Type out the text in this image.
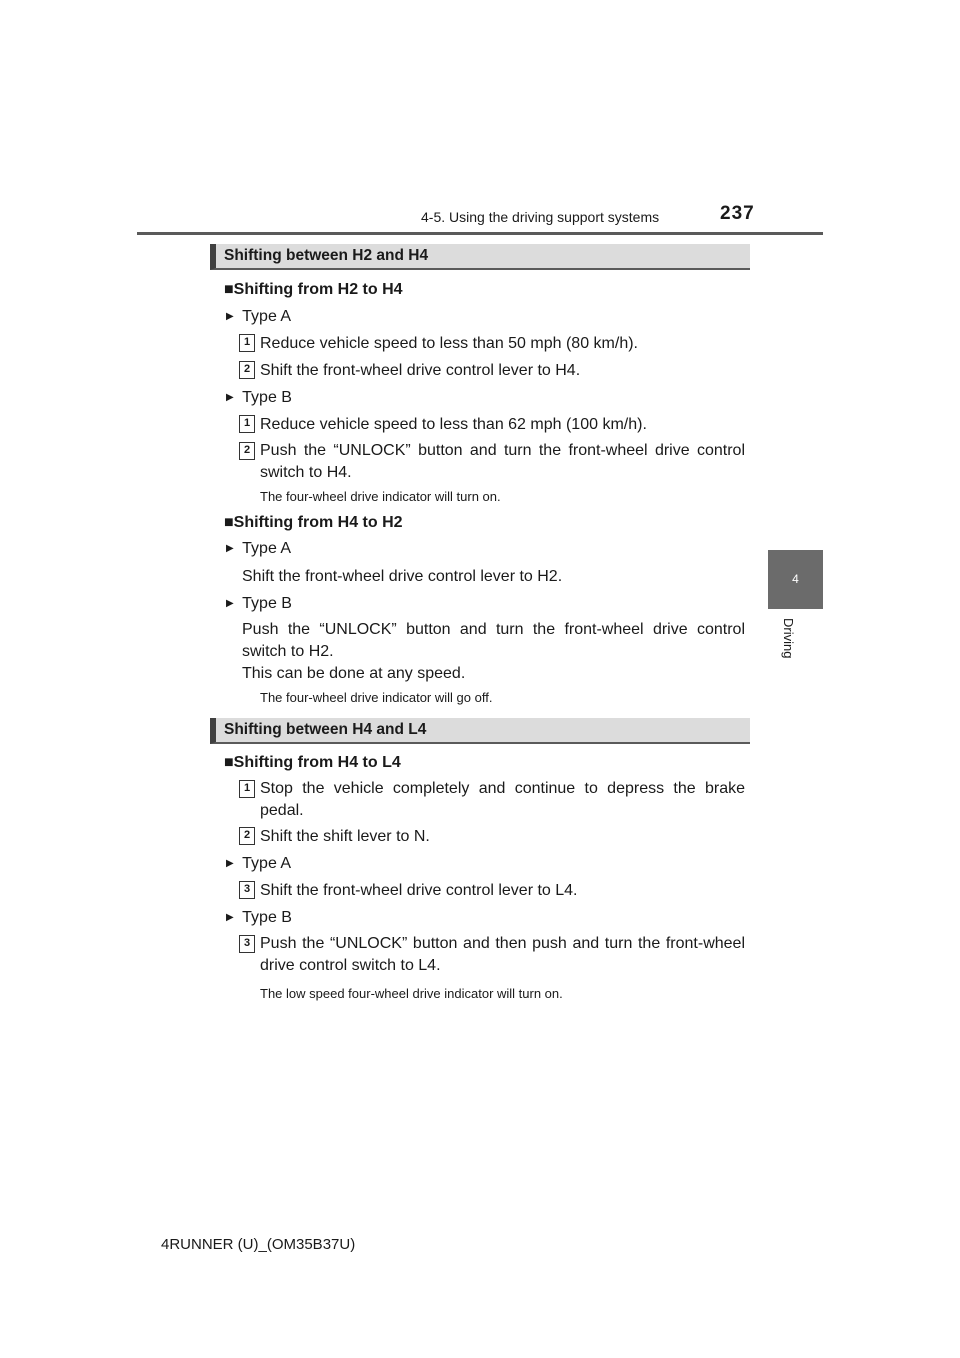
4-5. Using the driving support systems	237
4
Driving
Shifting between H2 and H4
■Shifting from H2 to H4
▶ Type A
1 Reduce vehicle speed to less than 50 mph (80 km/h).
2 Shift the front-wheel drive control lever to H4.
▶ Type B
1 Reduce vehicle speed to less than 62 mph (100 km/h).
2 Push the “UNLOCK” button and turn the front-wheel drive control switch to H4.
The four-wheel drive indicator will turn on.
■Shifting from H4 to H2
▶ Type A
Shift the front-wheel drive control lever to H2.
▶ Type B
Push the “UNLOCK” button and turn the front-wheel drive control switch to H2.
This can be done at any speed.
The four-wheel drive indicator will go off.
Shifting between H4 and L4
■Shifting from H4 to L4
1 Stop the vehicle completely and continue to depress the brake pedal.
2 Shift the shift lever to N.
▶ Type A
3 Shift the front-wheel drive control lever to L4.
▶ Type B
3 Push the “UNLOCK” button and then push and turn the front-wheel drive control switch to L4.
The low speed four-wheel drive indicator will turn on.
4RUNNER (U)_(OM35B37U)
